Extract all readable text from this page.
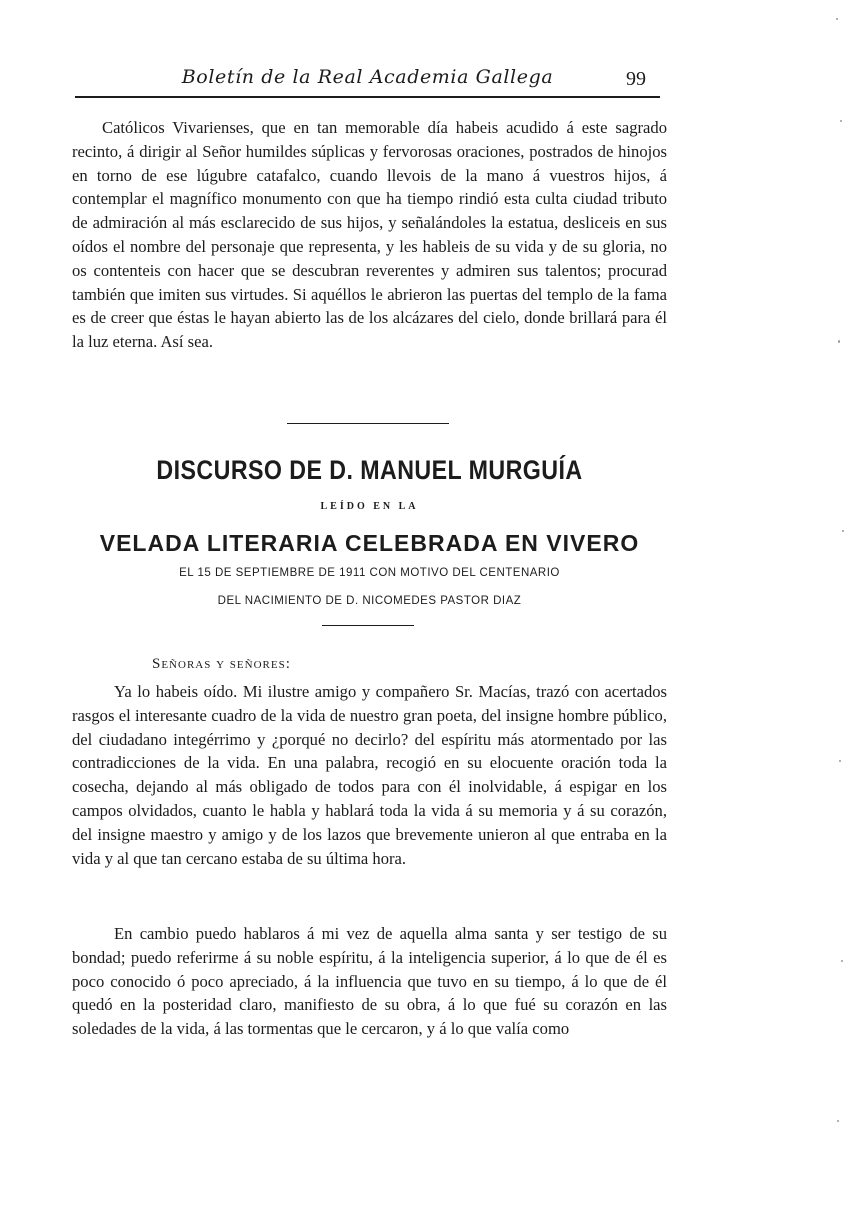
Boletín de la Real Academia Gallega	99

Católicos Vivarienses, que en tan memorable día habeis acudido á este sagrado recinto, á dirigir al Señor humildes súplicas y fervorosas oraciones, postrados de hinojos en torno de ese lúgubre catafalco, cuando llevois de la mano á vuestros hijos, á contemplar el magnífico monumento con que ha tiempo rindió esta culta ciudad tributo de admiración al más esclarecido de sus hijos, y señalándoles la estatua, desliceis en sus oídos el nombre del personaje que representa, y les hableis de su vida y de su gloria, no os contenteis con hacer que se descubran reverentes y admiren sus talentos; procurad también que imiten sus virtudes. Si aquéllos le abrieron las puertas del templo de la fama es de creer que éstas le hayan abierto las de los alcázares del cielo, donde brillará para él la luz eterna. Así sea.

DISCURSO DE D. MANUEL MURGUÍA
LEÍDO EN LA
VELADA LITERARIA CELEBRADA EN VIVERO
EL 15 DE SEPTIEMBRE DE 1911 CON MOTIVO DEL CENTENARIO
DEL NACIMIENTO DE D. NICOMEDES PASTOR DIAZ
Señoras y señores:

Ya lo habeis oído. Mi ilustre amigo y compañero Sr. Macías, trazó con acertados rasgos el interesante cuadro de la vida de nuestro gran poeta, del insigne hombre público, del ciudadano integérrimo y ¿porqué no decirlo? del espíritu más atormentado por las contradicciones de la vida. En una palabra, recogió en su elocuente oración toda la cosecha, dejando al más obligado de todos para con él inolvidable, á espigar en los campos olvidados, cuanto le habla y hablará toda la vida á su memoria y á su corazón, del insigne maestro y amigo y de los lazos que brevemente unieron al que entraba en la vida y al que tan cercano estaba de su última hora.

En cambio puedo hablaros á mi vez de aquella alma santa y ser testigo de su bondad; puedo referirme á su noble espíritu, á la inteligencia superior, á lo que de él es poco conocido ó poco apreciado, á la influencia que tuvo en su tiempo, á lo que de él quedó en la posteridad claro, manifiesto de su obra, á lo que fué su corazón en las soledades de la vida, á las tormentas que le cercaron, y á lo que valía como
